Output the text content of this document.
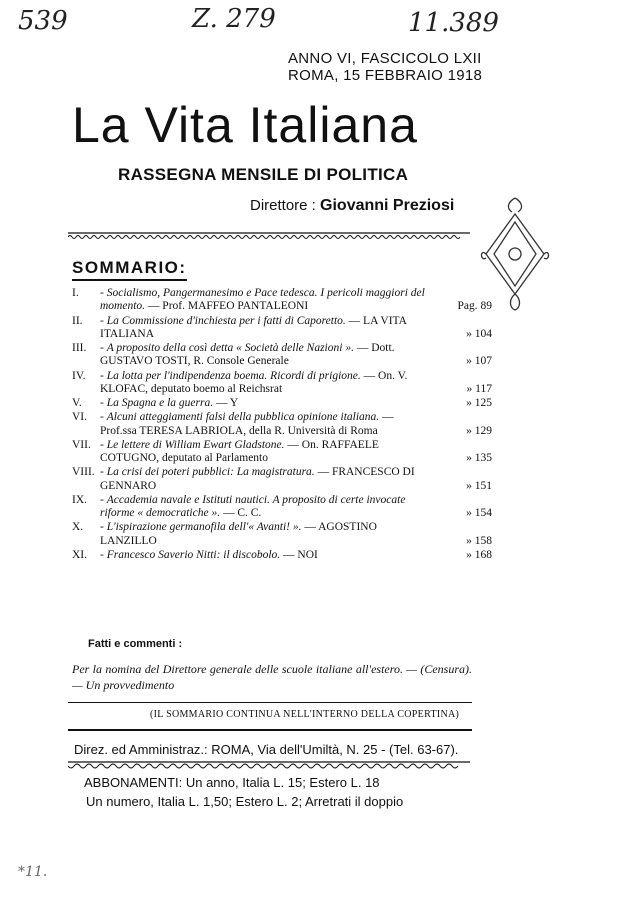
539	Z. 279	11.389
*11.
ANNO VI, FASCICOLO LXII
ROMA, 15 FEBBRAIO 1918
La Vita Italiana
RASSEGNA MENSILE DI POLITICA
Direttore : Giovanni Preziosi
SOMMARIO:
I. - Socialismo, Pangermanesimo e Pace tedesca. I pericoli maggiori del momento. — Prof. MAFFEO PANTALEONI	Pag. 89
II. - La Commissione d'inchiesta per i fatti di Caporetto. — LA VITA ITALIANA	» 104
III. - A proposito della così detta « Società delle Nazioni ». — Dott. GUSTAVO TOSTI, R. Console Generale	» 107
IV. - La lotta per l'indipendenza boema. Ricordi di prigione. — On. V. KLOFAC, deputato boemo al Reichsrat	» 117
V. - La Spagna e la guerra. — Y	» 125
VI. - Alcuni atteggiamenti falsi della pubblica opinione italiana. — Prof.ssa TERESA LABRIOLA, della R. Università di Roma	» 129
VII. - Le lettere di William Ewart Gladstone. — On. RAFFAELE COTUGNO, deputato al Parlamento	» 135
VIII. - La crisi dei poteri pubblici: La magistratura. — FRANCESCO DI GENNARO	» 151
IX. - Accademia navale e Istituti nautici. A proposito di certe invocate riforme « democratiche ». — C. C.	» 154
X. - L'ispirazione germanofila dell'« Avanti! ». — AGOSTINO LANZILLO	» 158
XI. - Francesco Saverio Nitti: il discobolo. — NOI	» 168
Fatti e commenti :
Per la nomina del Direttore generale delle scuole italiane all'estero. — (Censura). — Un provvedimento
(IL SOMMARIO CONTINUA NELL'INTERNO DELLA COPERTINA)
Direz. ed Amministraz.: ROMA, Via dell'Umiltà, N. 25 - (Tel. 63-67).
ABBONAMENTI: Un anno, Italia L. 15; Estero L. 18
Un numero, Italia L. 1,50; Estero L. 2; Arretrati il doppio
